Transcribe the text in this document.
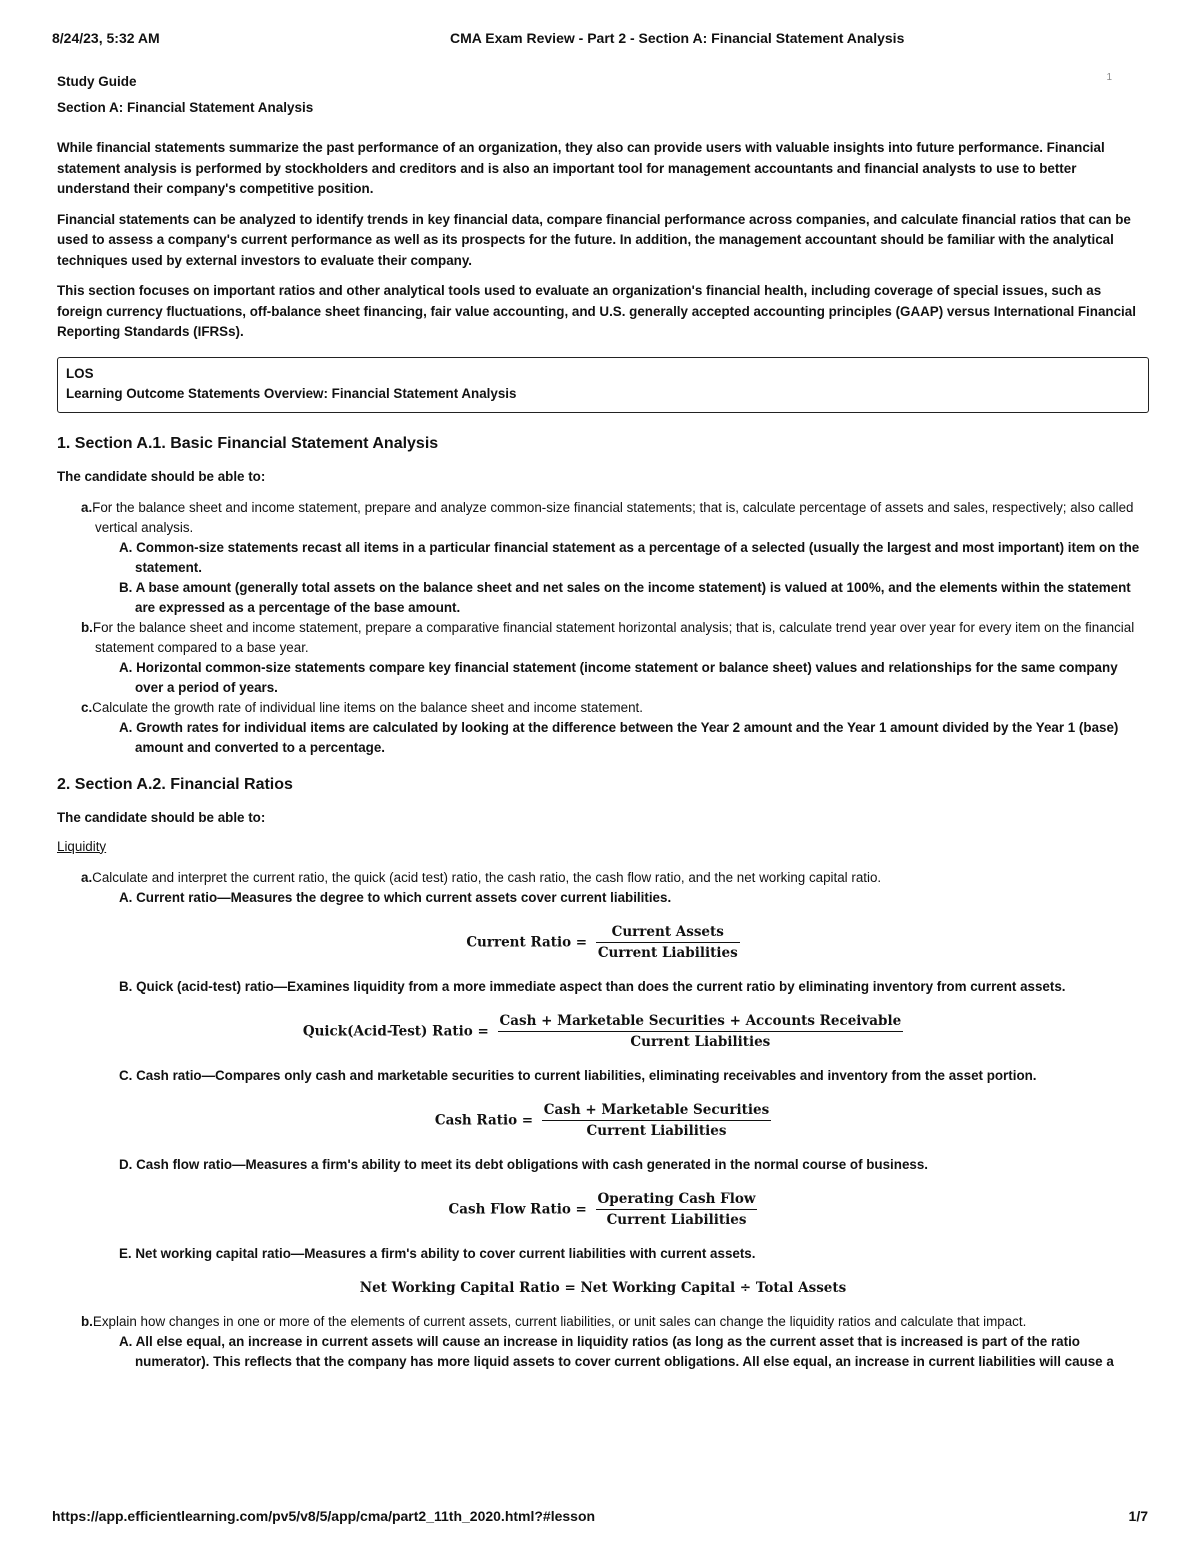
8/24/23, 5:32 AM	CMA Exam Review - Part 2 - Section A: Financial Statement Analysis
1
Study Guide
Section A: Financial Statement Analysis

While financial statements summarize the past performance of an organization, they also can provide users with valuable insights into future performance. Financial statement analysis is performed by stockholders and creditors and is also an important tool for management accountants and financial analysts to use to better understand their company's competitive position.

Financial statements can be analyzed to identify trends in key financial data, compare financial performance across companies, and calculate financial ratios that can be used to assess a company's current performance as well as its prospects for the future. In addition, the management accountant should be familiar with the analytical techniques used by external investors to evaluate their company.

This section focuses on important ratios and other analytical tools used to evaluate an organization's financial health, including coverage of special issues, such as foreign currency fluctuations, off-balance sheet financing, fair value accounting, and U.S. generally accepted accounting principles (GAAP) versus International Financial Reporting Standards (IFRSs).

LOS
Learning Outcome Statements Overview: Financial Statement Analysis
1. Section A.1. Basic Financial Statement Analysis
The candidate should be able to:

a.For the balance sheet and income statement, prepare and analyze common-size financial statements; that is, calculate percentage of assets and sales, respectively; also called vertical analysis.

A. Common-size statements recast all items in a particular financial statement as a percentage of a selected (usually the largest and most important) item on the statement.

B. A base amount (generally total assets on the balance sheet and net sales on the income statement) is valued at 100%, and the elements within the statement are expressed as a percentage of the base amount.

b.For the balance sheet and income statement, prepare a comparative financial statement horizontal analysis; that is, calculate trend year over year for every item on the financial statement compared to a base year.

A. Horizontal common-size statements compare key financial statement (income statement or balance sheet) values and relationships for the same company over a period of years.

c.Calculate the growth rate of individual line items on the balance sheet and income statement.

A. Growth rates for individual items are calculated by looking at the difference between the Year 2 amount and the Year 1 amount divided by the Year 1 (base) amount and converted to a percentage.

2. Section A.2. Financial Ratios
The candidate should be able to:
Liquidity

a.Calculate and interpret the current ratio, the quick (acid test) ratio, the cash ratio, the cash flow ratio, and the net working capital ratio.

A. Current ratio—Measures the degree to which current assets cover current liabilities.

Current Ratio = $\frac{\text{Current Assets}}{\text{Current Liabilities}}$

B. Quick (acid-test) ratio—Examines liquidity from a more immediate aspect than does the current ratio by eliminating inventory from current assets.

Quick(Acid-Test) Ratio = $\frac{\text{Cash + Marketable Securities + Accounts Receivable}}{\text{Current Liabilities}}$

C. Cash ratio—Compares only cash and marketable securities to current liabilities, eliminating receivables and inventory from the asset portion.

Cash Ratio = $\frac{\text{Cash + Marketable Securities}}{\text{Current Liabilities}}$

D. Cash flow ratio—Measures a firm's ability to meet its debt obligations with cash generated in the normal course of business.

Cash Flow Ratio = $\frac{\text{Operating Cash Flow}}{\text{Current Liabilities}}$

E. Net working capital ratio—Measures a firm's ability to cover current liabilities with current assets.

Net Working Capital Ratio = Net Working Capital ÷ Total Assets

b.Explain how changes in one or more of the elements of current assets, current liabilities, or unit sales can change the liquidity ratios and calculate that impact.

A. All else equal, an increase in current assets will cause an increase in liquidity ratios (as long as the current asset that is increased is part of the ratio numerator). This reflects that the company has more liquid assets to cover current obligations. All else equal, an increase in current liabilities will cause a

https://app.efficientlearning.com/pv5/v8/5/app/cma/part2_11th_2020.html?#lesson	1/7
